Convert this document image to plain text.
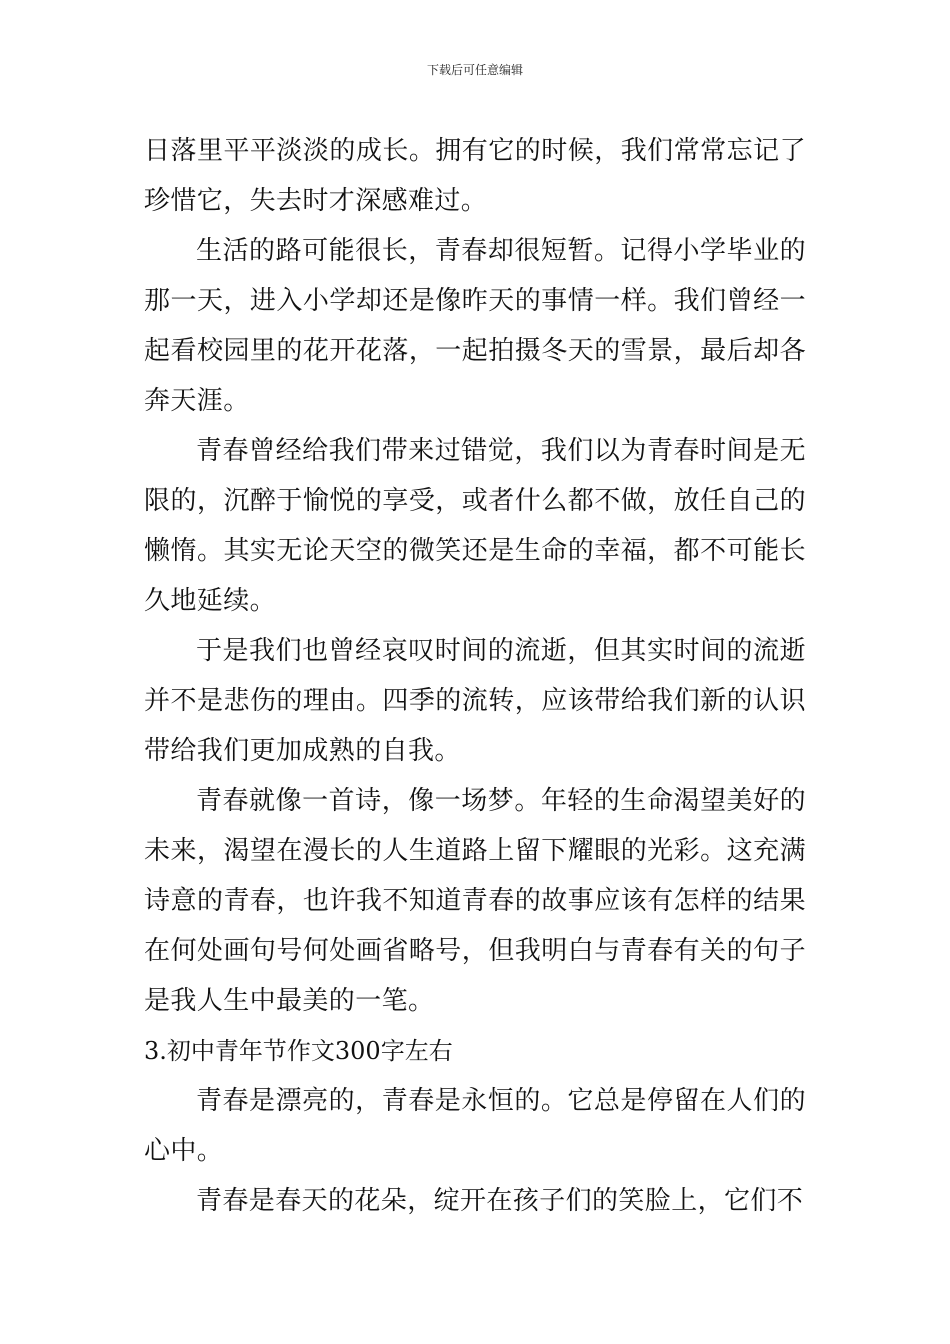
下载后可任意编辑

日落里平平淡淡的成长。拥有它的时候，我们常常忘记了珍惜它，失去时才深感难过。

生活的路可能很长，青春却很短暂。记得小学毕业的那一天，进入小学却还是像昨天的事情一样。我们曾经一起看校园里的花开花落，一起拍摄冬天的雪景，最后却各奔天涯。

青春曾经给我们带来过错觉，我们以为青春时间是无限的，沉醉于愉悦的享受，或者什么都不做，放任自己的懒惰。其实无论天空的微笑还是生命的幸福，都不可能长久地延续。

于是我们也曾经哀叹时间的流逝，但其实时间的流逝并不是悲伤的理由。四季的流转，应该带给我们新的认识带给我们更加成熟的自我。

青春就像一首诗，像一场梦。年轻的生命渴望美好的未来，渴望在漫长的人生道路上留下耀眼的光彩。这充满诗意的青春，也许我不知道青春的故事应该有怎样的结果在何处画句号何处画省略号，但我明白与青春有关的句子是我人生中最美的一笔。

3.初中青年节作文300字左右

青春是漂亮的，青春是永恒的。它总是停留在人们的心中。

青春是春天的花朵，绽开在孩子们的笑脸上，它们不
